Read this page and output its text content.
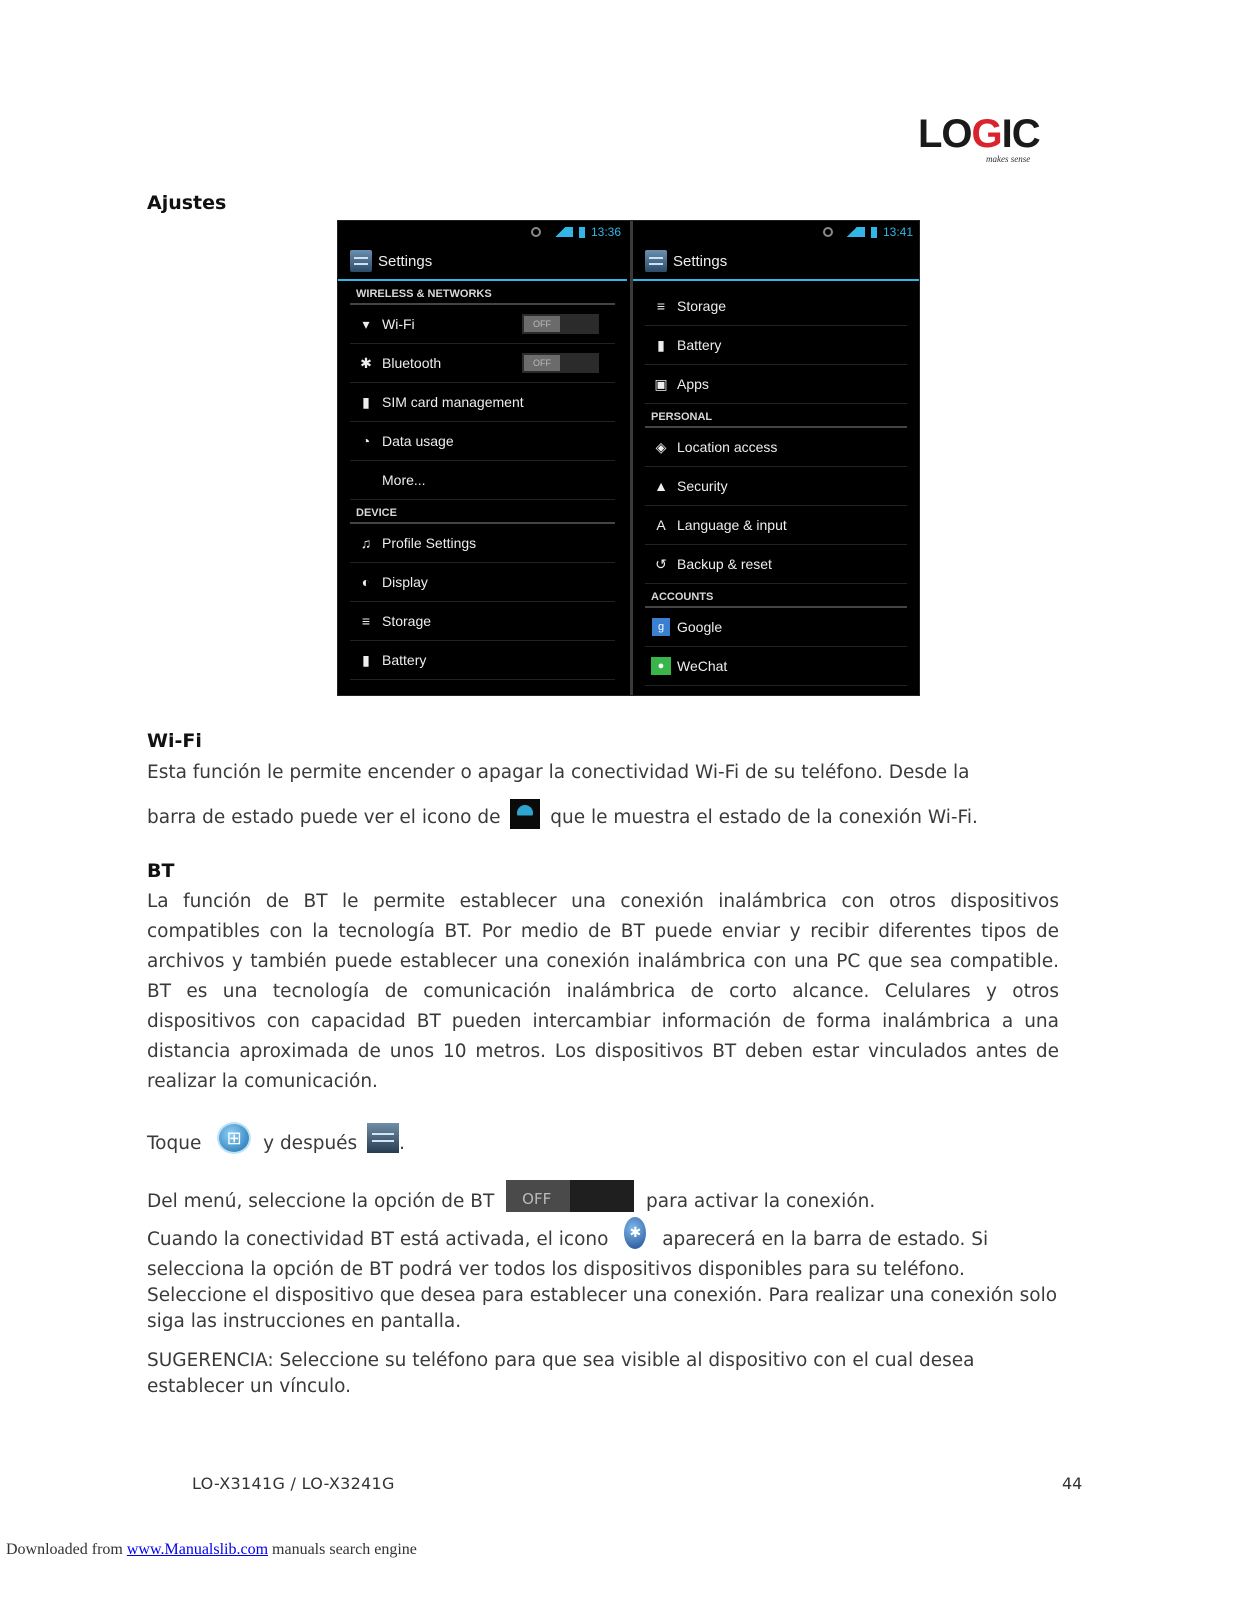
LOGIC
makes sense
Ajustes
13:36
Settings
WIRELESS & NETWORKS
▾ Wi-Fi	OFF
✱ Bluetooth	OFF
▮ SIM card management
◔ Data usage
More...
DEVICE
♫ Profile Settings
◐ Display
≡ Storage
▮ Battery
13:41
Settings
≡ Storage
▮ Battery
▣ Apps
PERSONAL
◈ Location access
▲ Security
A Language & input
↺ Backup & reset
ACCOUNTS
g Google
● WeChat
Wi-Fi
Esta función le permite encender o apagar la conectividad Wi-Fi de su teléfono. Desde la
barra de estado puede ver el icono de	que le muestra el estado de la conexión Wi-Fi.
BT
La función de BT le permite establecer una conexión inalámbrica con otros dispositivos compatibles con la tecnología BT. Por medio de BT puede enviar y recibir diferentes tipos de archivos y también puede establecer una conexión inalámbrica con una PC que sea compatible. BT es una tecnología de comunicación inalámbrica de corto alcance. Celulares y otros dispositivos con capacidad BT pueden intercambiar información de forma inalámbrica a una distancia aproximada de unos 10 metros. Los dispositivos BT deben estar vinculados antes de realizar la comunicación.
Toque ⊞	y después .
Del menú, seleccione la opción de BT OFF	para activar la conexión.
Cuando la conectividad BT está activada, el icono ✱ aparecerá en la barra de estado. Si selecciona la opción de BT podrá ver todos los dispositivos disponibles para su teléfono. Seleccione el dispositivo que desea para establecer una conexión. Para realizar una conexión solo siga las instrucciones en pantalla.
SUGERENCIA: Seleccione su teléfono para que sea visible al dispositivo con el cual desea establecer un vínculo.
LO-X3141G / LO-X3241G	44
Downloaded from www.Manualslib.com manuals search engine
